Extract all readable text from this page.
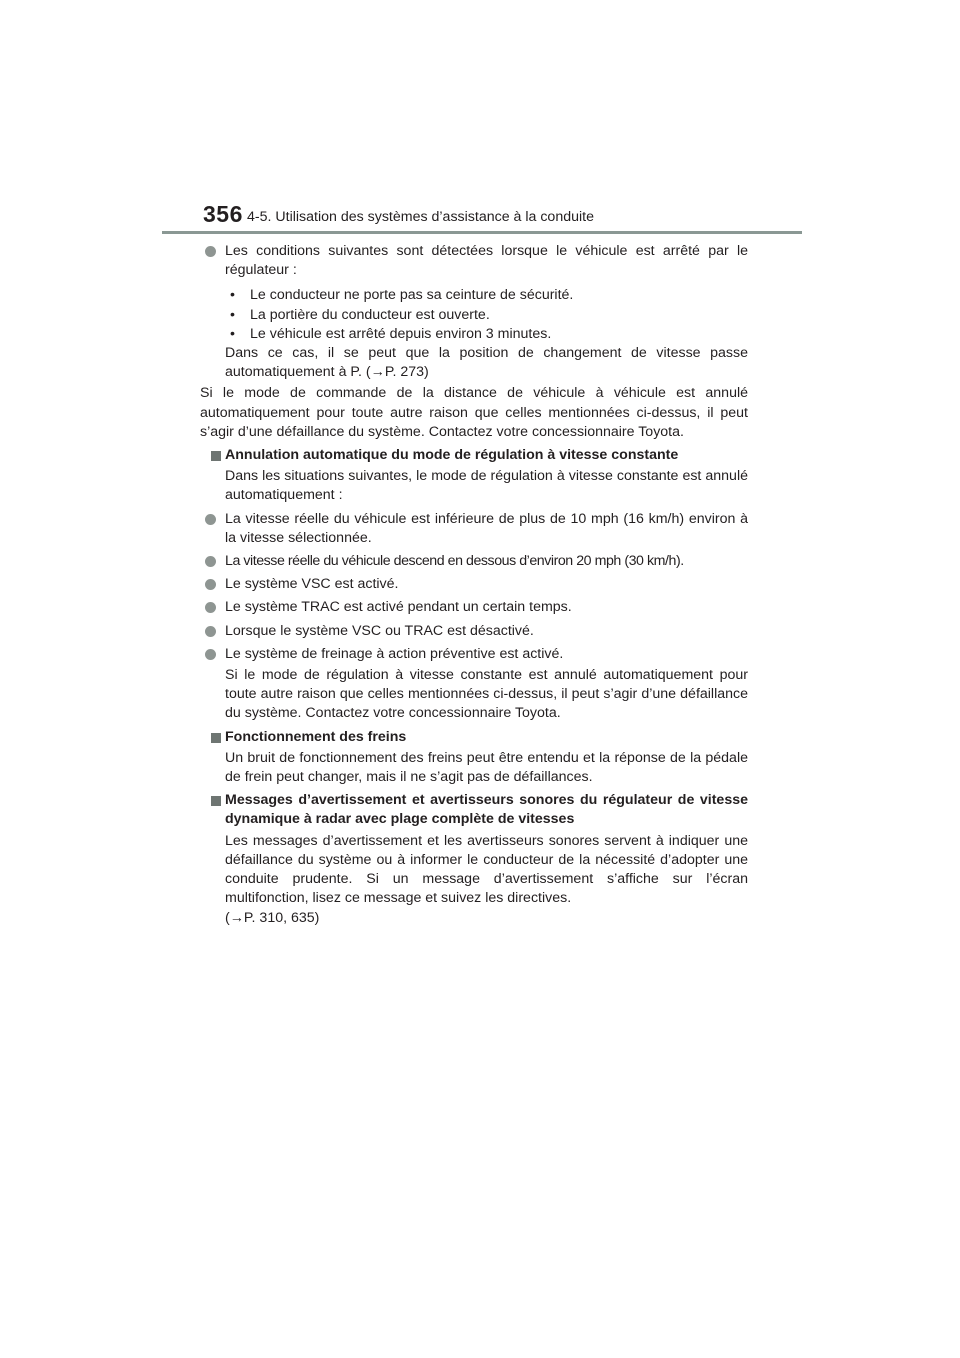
356 4-5. Utilisation des systèmes d’assistance à la conduite
Les conditions suivantes sont détectées lorsque le véhicule est arrêté par le régulateur :
• Le conducteur ne porte pas sa ceinture de sécurité.
• La portière du conducteur est ouverte.
• Le véhicule est arrêté depuis environ 3 minutes.
Dans ce cas, il se peut que la position de changement de vitesse passe automatiquement à P. (→P. 273)
Si le mode de commande de la distance de véhicule à véhicule est annulé automatiquement pour toute autre raison que celles mentionnées ci-dessus, il peut s’agir d’une défaillance du système. Contactez votre concessionnaire Toyota.
Annulation automatique du mode de régulation à vitesse constante
Dans les situations suivantes, le mode de régulation à vitesse constante est annulé automatiquement :
La vitesse réelle du véhicule est inférieure de plus de 10 mph (16 km/h) environ à la vitesse sélectionnée.
La vitesse réelle du véhicule descend en dessous d’environ 20 mph (30 km/h).
Le système VSC est activé.
Le système TRAC est activé pendant un certain temps.
Lorsque le système VSC ou TRAC est désactivé.
Le système de freinage à action préventive est activé.
Si le mode de régulation à vitesse constante est annulé automatiquement pour toute autre raison que celles mentionnées ci-dessus, il peut s’agir d’une défaillance du système. Contactez votre concessionnaire Toyota.
Fonctionnement des freins
Un bruit de fonctionnement des freins peut être entendu et la réponse de la pédale de frein peut changer, mais il ne s’agit pas de défaillances.
Messages d’avertissement et avertisseurs sonores du régulateur de vitesse dynamique à radar avec plage complète de vitesses
Les messages d’avertissement et les avertisseurs sonores servent à indiquer une défaillance du système ou à informer le conducteur de la nécessité d’adopter une conduite prudente. Si un message d’avertissement s’affiche sur l’écran multifonction, lisez ce message et suivez les directives.
(→P. 310, 635)
